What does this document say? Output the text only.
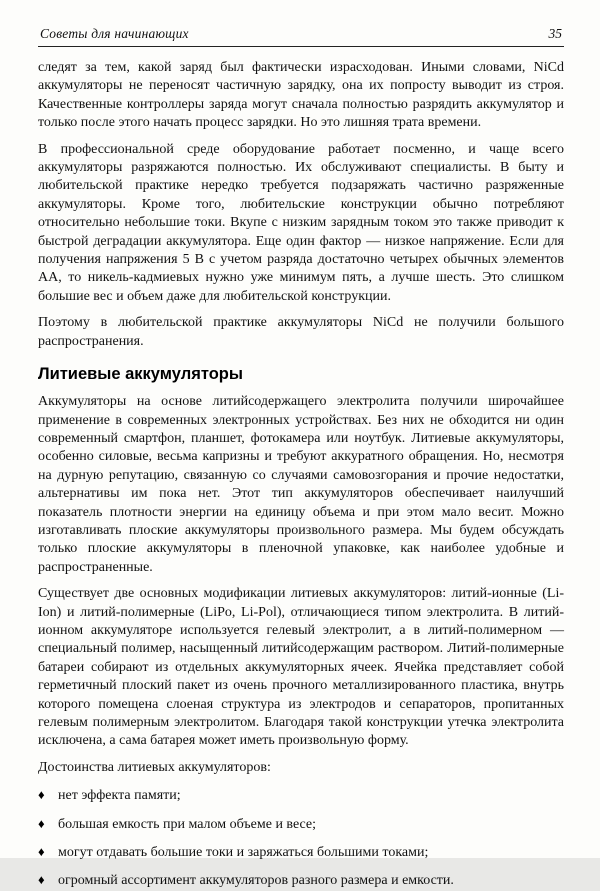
Советы для начинающих	35

следят за тем, какой заряд был фактически израсходован. Иными словами, NiCd аккумуляторы не переносят частичную зарядку, она их попросту выводит из строя. Качественные контроллеры заряда могут сначала полностью разрядить аккумулятор и только после этого начать процесс зарядки. Но это лишняя трата времени.

В профессиональной среде оборудование работает посменно, и чаще всего аккумуляторы разряжаются полностью. Их обслуживают специалисты. В быту и любительской практике нередко требуется подзаряжать частично разряженные аккумуляторы. Кроме того, любительские конструкции обычно потребляют относительно небольшие токи. Вкупе с низким зарядным током это также приводит к быстрой деградации аккумулятора. Еще один фактор — низкое напряжение. Если для получения напряжения 5 В с учетом разряда достаточно четырех обычных элементов АА, то никель-кадмиевых нужно уже минимум пять, а лучше шесть. Это слишком большие вес и объем даже для любительской конструкции.

Поэтому в любительской практике аккумуляторы NiCd не получили большого распространения.

Литиевые аккумуляторы

Аккумуляторы на основе литийсодержащего электролита получили широчайшее применение в современных электронных устройствах. Без них не обходится ни один современный смартфон, планшет, фотокамера или ноутбук. Литиевые аккумуляторы, особенно силовые, весьма капризны и требуют аккуратного обращения. Но, несмотря на дурную репутацию, связанную со случаями самовозгорания и прочие недостатки, альтернативы им пока нет. Этот тип аккумуляторов обеспечивает наилучший показатель плотности энергии на единицу объема и при этом мало весит. Можно изготавливать плоские аккумуляторы произвольного размера. Мы будем обсуждать только плоские аккумуляторы в пленочной упаковке, как наиболее удобные и распространенные.

Существует две основных модификации литиевых аккумуляторов: литий-ионные (Li-Ion) и литий-полимерные (LiPo, Li-Pol), отличающиеся типом электролита. В литий-ионном аккумуляторе используется гелевый электролит, а в литий-полимерном — специальный полимер, насыщенный литийсодержащим раствором. Литий-полимерные батареи собирают из отдельных аккумуляторных ячеек. Ячейка представляет собой герметичный плоский пакет из очень прочного металлизированного пластика, внутрь которого помещена слоеная структура из электродов и сепараторов, пропитанных гелевым полимерным электролитом. Благодаря такой конструкции утечка электролита исключена, а сама батарея может иметь произвольную форму.

Достоинства литиевых аккумуляторов:

♦ нет эффекта памяти;
♦ большая емкость при малом объеме и весе;
♦ могут отдавать большие токи и заряжаться большими токами;
♦ огромный ассортимент аккумуляторов разного размера и емкости.
